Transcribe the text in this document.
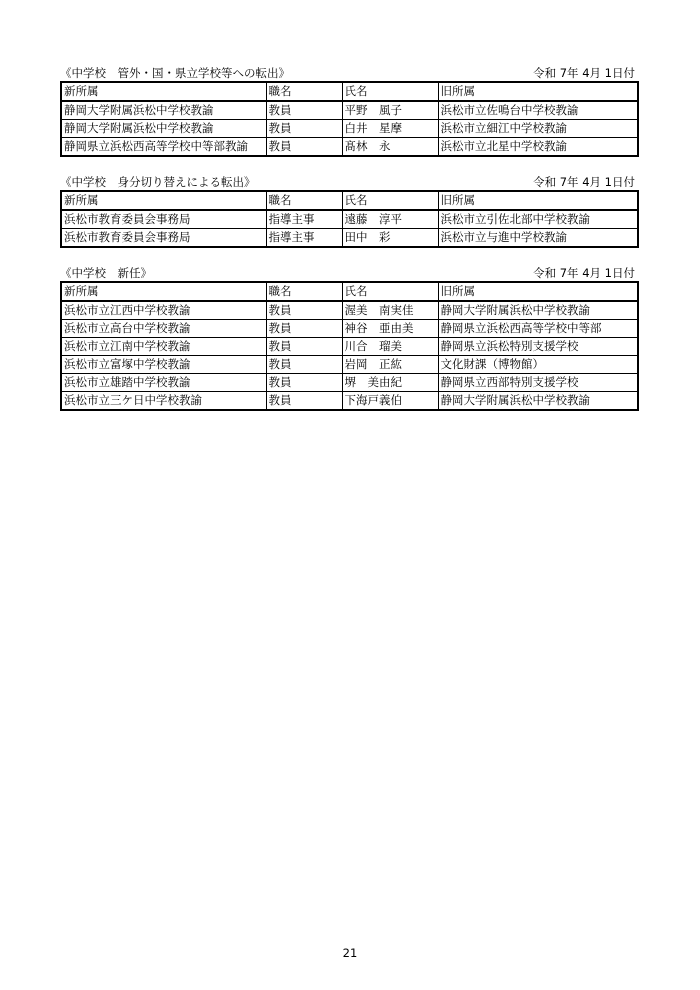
《中学校　管外・国・県立学校等への転出》	令和 7年 4月 1日付
新所属	職名	氏名	旧所属
静岡大学附属浜松中学校教諭	教員	平野　風子	浜松市立佐鳴台中学校教諭
静岡大学附属浜松中学校教諭	教員	白井　星摩	浜松市立細江中学校教諭
静岡県立浜松西高等学校中等部教諭	教員	髙林　永	浜松市立北星中学校教諭
《中学校　身分切り替えによる転出》	令和 7年 4月 1日付
新所属	職名	氏名	旧所属
浜松市教育委員会事務局	指導主事	遠藤　淳平	浜松市立引佐北部中学校教諭
浜松市教育委員会事務局	指導主事	田中　彩	浜松市立与進中学校教諭
《中学校　新任》	令和 7年 4月 1日付
新所属	職名	氏名	旧所属
浜松市立江西中学校教諭	教員	渥美　南実佳	静岡大学附属浜松中学校教諭
浜松市立高台中学校教諭	教員	神谷　亜由美	静岡県立浜松西高等学校中等部
浜松市立江南中学校教諭	教員	川合　瑠美	静岡県立浜松特別支援学校
浜松市立富塚中学校教諭	教員	岩岡　正紘	文化財課（博物館）
浜松市立雄踏中学校教諭	教員	堺　美由紀	静岡県立西部特別支援学校
浜松市立三ケ日中学校教諭	教員	下海戸義伯	静岡大学附属浜松中学校教諭
21
